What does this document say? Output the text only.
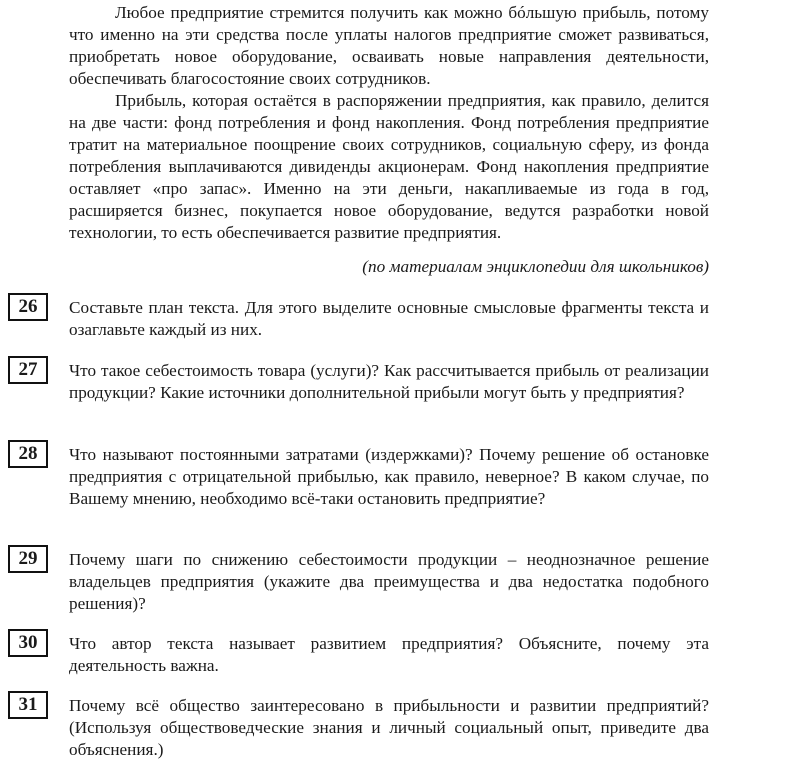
Любое предприятие стремится получить как можно бóльшую прибыль, потому что именно на эти средства после уплаты налогов предприятие сможет развиваться, приобретать новое оборудование, осваивать новые направления деятельности, обеспечивать благосостояние своих сотрудников.

Прибыль, которая остаётся в распоряжении предприятия, как правило, делится на две части: фонд потребления и фонд накопления. Фонд потребления предприятие тратит на материальное поощрение своих сотрудников, социальную сферу, из фонда потребления выплачиваются дивиденды акционерам. Фонд накопления предприятие оставляет «про запас». Именно на эти деньги, накапливаемые из года в год, расширяется бизнес, покупается новое оборудование, ведутся разработки новой технологии, то есть обеспечивается развитие предприятия.

(по материалам энциклопедии для школьников)
26	Составьте план текста. Для этого выделите основные смысловые фрагменты текста и озаглавьте каждый из них.

27	Что такое себестоимость товара (услуги)? Как рассчитывается прибыль от реализации продукции? Какие источники дополнительной прибыли могут быть у предприятия?

28	Что называют постоянными затратами (издержками)? Почему решение об остановке предприятия с отрицательной прибылью, как правило, неверное? В каком случае, по Вашему мнению, необходимо всё-таки остановить предприятие?

29	Почему шаги по снижению себестоимости продукции – неоднозначное решение владельцев предприятия (укажите два преимущества и два недостатка подобного решения)?

30	Что автор текста называет развитием предприятия? Объясните, почему эта деятельность важна.

31	Почему всё общество заинтересовано в прибыльности и развитии предприятий? (Используя обществоведческие знания и личный социальный опыт, приведите два объяснения.)
